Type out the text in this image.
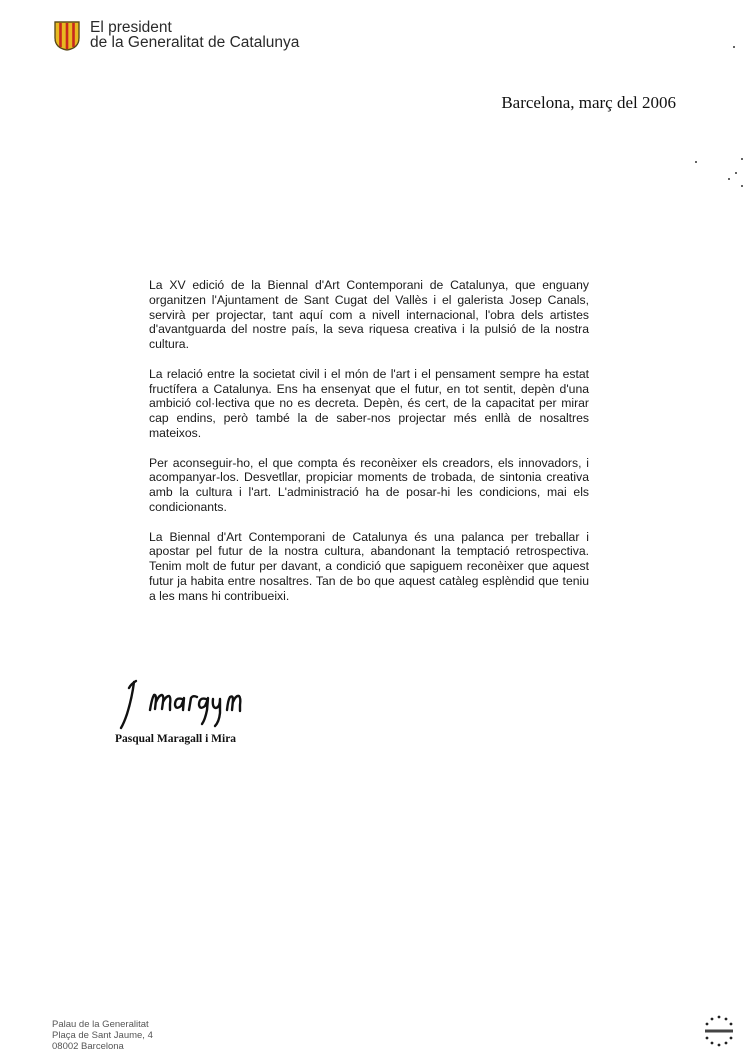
El president
de la Generalitat de Catalunya
Barcelona, març del 2006

La XV edició de la Biennal d'Art Contemporani de Catalunya, que enguany organitzen l'Ajuntament de Sant Cugat del Vallès i el galerista Josep Canals, servirà per projectar, tant aquí com a nivell internacional, l'obra dels artistes d'avantguarda del nostre país, la seva riquesa creativa i la pulsió de la nostra cultura.

La relació entre la societat civil i el món de l'art i el pensament sempre ha estat fructífera a Catalunya. Ens ha ensenyat que el futur, en tot sentit, depèn d'una ambició col·lectiva que no es decreta. Depèn, és cert, de la capacitat per mirar cap endins, però també la de saber-nos projectar més enllà de nosaltres mateixos.

Per aconseguir-ho, el que compta és reconèixer els creadors, els innovadors, i acompanyar-los. Desvetllar, propiciar moments de trobada, de sintonia creativa amb la cultura i l'art. L'administració ha de posar-hi les condicions, mai els condicionants.

La Biennal d'Art Contemporani de Catalunya és una palanca per treballar i apostar pel futur de la nostra cultura, abandonant la temptació retrospectiva. Tenim molt de futur per davant, a condició que sapiguem reconèixer que aquest futur ja habita entre nosaltres. Tan de bo que aquest catàleg esplèndid que teniu a les mans hi contribueixi.

Pasqual Maragall i Mira
Palau de la Generalitat
Plaça de Sant Jaume, 4
08002 Barcelona
